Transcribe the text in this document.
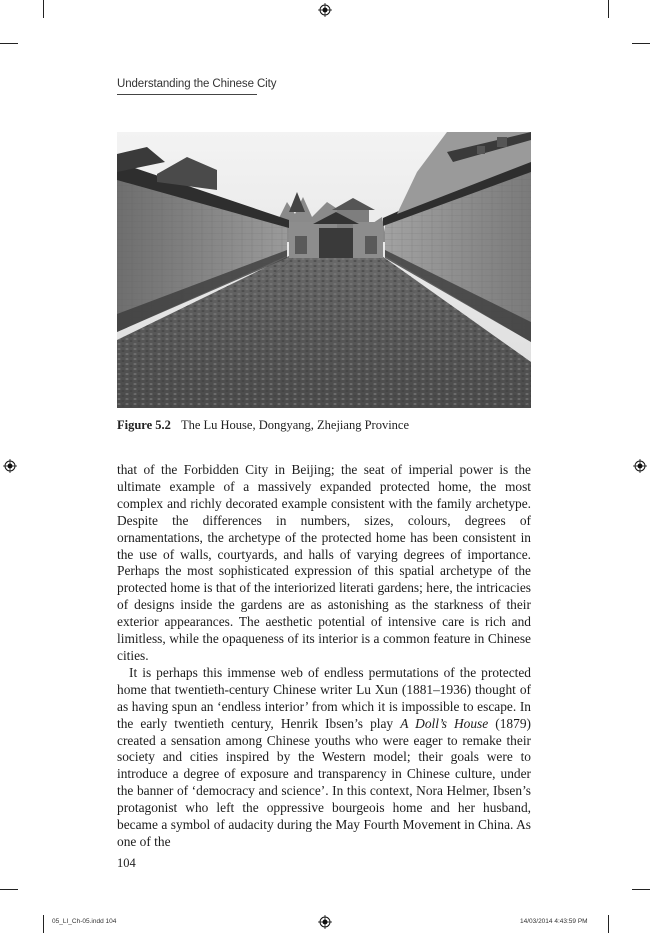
Understanding the Chinese City
Figure 5.2 The Lu House, Dongyang, Zhejiang Province

that of the Forbidden City in Beijing; the seat of imperial power is the ultimate example of a massively expanded protected home, the most complex and richly decorated example consistent with the family archetype. Despite the differences in numbers, sizes, colours, degrees of ornamentations, the archetype of the protected home has been consistent in the use of walls, courtyards, and halls of varying degrees of importance. Perhaps the most sophisticated expression of this spatial archetype of the protected home is that of the interiorized literati gardens; here, the intricacies of designs inside the gardens are as astonishing as the starkness of their exterior appearances. The aesthetic potential of intensive care is rich and limitless, while the opaqueness of its interior is a common feature in Chinese cities.

It is perhaps this immense web of endless permutations of the protected home that twentieth-century Chinese writer Lu Xun (1881–1936) thought of as having spun an ‘endless interior’ from which it is impossible to escape. In the early twentieth century, Henrik Ibsen’s play A Doll’s House (1879) created a sensation among Chinese youths who were eager to remake their society and cities inspired by the Western model; their goals were to introduce a degree of exposure and transparency in Chinese culture, under the banner of ‘democracy and science’. In this context, Nora Helmer, Ibsen’s protagonist who left the oppressive bourgeois home and her husband, became a symbol of audacity during the May Fourth Movement in China. As one of the

104
05_LI_Ch-05.indd 104	14/03/2014 4:43:59 PM
